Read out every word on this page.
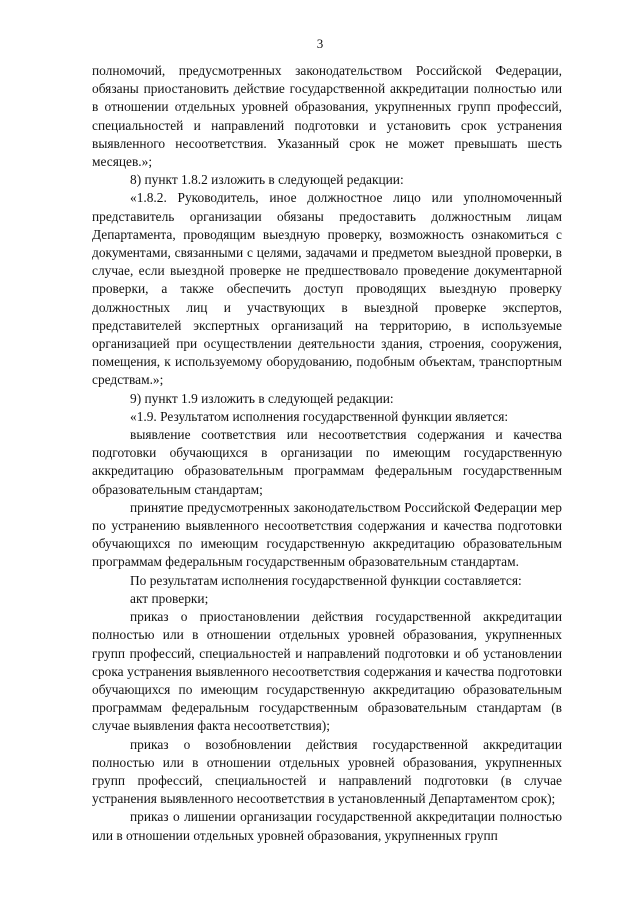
3

полномочий, предусмотренных законодательством Российской Федерации, обязаны приостановить действие государственной аккредитации полностью или в отношении отдельных уровней образования, укрупненных групп профессий, специальностей и направлений подготовки и установить срок устранения выявленного несоответствия. Указанный срок не может превышать шесть месяцев.»;

8) пункт 1.8.2 изложить в следующей редакции:

«1.8.2. Руководитель, иное должностное лицо или уполномоченный представитель организации обязаны предоставить должностным лицам Департамента, проводящим выездную проверку, возможность ознакомиться с документами, связанными с целями, задачами и предметом выездной проверки, в случае, если выездной проверке не предшествовало проведение документарной проверки, а также обеспечить доступ проводящих выездную проверку должностных лиц и участвующих в выездной проверке экспертов, представителей экспертных организаций на территорию, в используемые организацией при осуществлении деятельности здания, строения, сооружения, помещения, к используемому оборудованию, подобным объектам, транспортным средствам.»;

9) пункт 1.9 изложить в следующей редакции:

«1.9. Результатом исполнения государственной функции является:

выявление соответствия или несоответствия содержания и качества подготовки обучающихся в организации по имеющим государственную аккредитацию образовательным программам федеральным государственным образовательным стандартам;

принятие предусмотренных законодательством Российской Федерации мер по устранению выявленного несоответствия содержания и качества подготовки обучающихся по имеющим государственную аккредитацию образовательным программам федеральным государственным образовательным стандартам.

По результатам исполнения государственной функции составляется:

акт проверки;

приказ о приостановлении действия государственной аккредитации полностью или в отношении отдельных уровней образования, укрупненных групп профессий, специальностей и направлений подготовки и об установлении срока устранения выявленного несоответствия содержания и качества подготовки обучающихся по имеющим государственную аккредитацию образовательным программам федеральным государственным образовательным стандартам (в случае выявления факта несоответствия);

приказ о возобновлении действия государственной аккредитации полностью или в отношении отдельных уровней образования, укрупненных групп профессий, специальностей и направлений подготовки (в случае устранения выявленного несоответствия в установленный Департаментом срок);

приказ о лишении организации государственной аккредитации полностью или в отношении отдельных уровней образования, укрупненных групп
